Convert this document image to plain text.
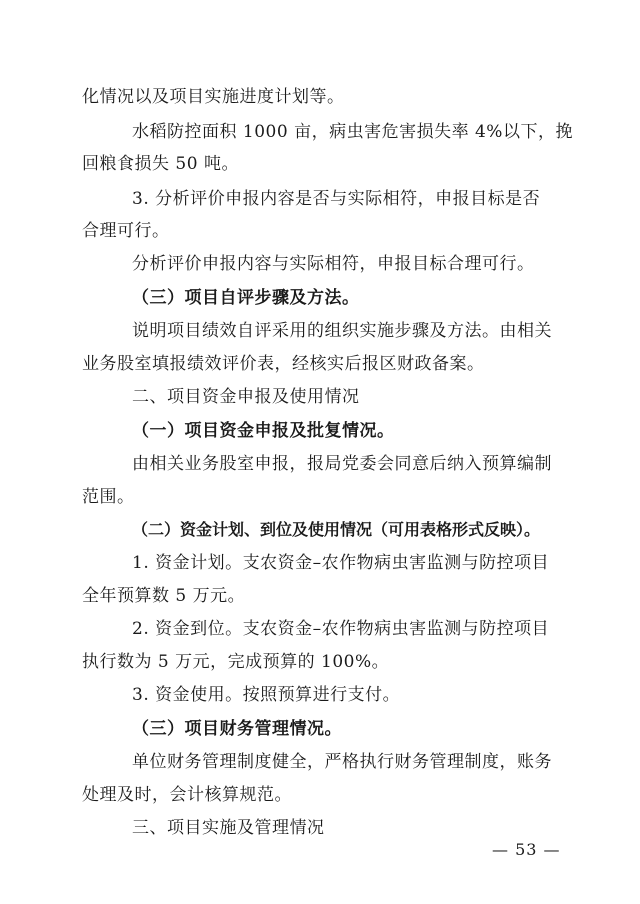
化情况以及项目实施进度计划等。
水稻防控面积 1000 亩，病虫害危害损失率 4%以下，挽
回粮食损失 50 吨。
3. 分析评价申报内容是否与实际相符，申报目标是否
合理可行。
分析评价申报内容与实际相符，申报目标合理可行。
（三）项目自评步骤及方法。
说明项目绩效自评采用的组织实施步骤及方法。由相关
业务股室填报绩效评价表，经核实后报区财政备案。
二、项目资金申报及使用情况
（一）项目资金申报及批复情况。
由相关业务股室申报，报局党委会同意后纳入预算编制
范围。
（二）资金计划、到位及使用情况（可用表格形式反映）。
1. 资金计划。支农资金–农作物病虫害监测与防控项目
全年预算数 5 万元。
2. 资金到位。支农资金–农作物病虫害监测与防控项目
执行数为 5 万元，完成预算的 100%。
3. 资金使用。按照预算进行支付。
（三）项目财务管理情况。
单位财务管理制度健全，严格执行财务管理制度，账务
处理及时，会计核算规范。
三、项目实施及管理情况
— 53 —
